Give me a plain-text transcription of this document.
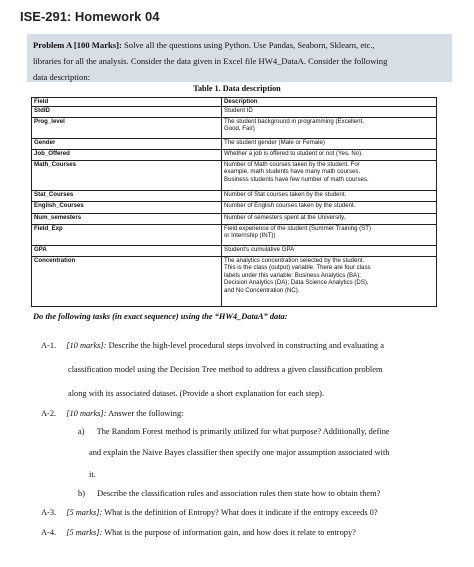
ISE-291: Homework 04
Problem A [100 Marks]: Solve all the questions using Python. Use Pandas, Seaborn, Sklearn, etc.,
libraries for all the analysis. Consider the data given in Excel file HW4_DataA. Consider the following
data description:
Table 1. Data description
Field	Description
StdID	Student ID

Prog_level	The student background in programming (Excellent,
Good, Fair)

Gender	The student gender (Male or Female)

Job_Offered	Whether a job is offered to student or not (Yes, No).

Math_Courses	Number of Math courses taken by the student. For
example, math students have many math courses.
Business students have few number of math courses.

Stat_Courses	Number of Stat courses taken by the student.

English_Courses	Number of English courses taken by the student.

Num_semesters	Number of semesters spent at the University.

Field_Exp	Field experience of the student (Summer Training (ST)
or Internship (INT))

GPA	Student's cumulative GPA

Concentration	The analytics concentration selected by the student.
This is the class (output) variable. There are four class
labels under this variable: Business Analytics (BA);
Decision Analytics (DA); Data Science Analytics (DS),
and No Concentration (NC).
Do the following tasks (in exact sequence) using the “HW4_DataA” data:
A-1. [10 marks]: Describe the high-level procedural steps involved in constructing and evaluating a
classification model using the Decision Tree method to address a given classification problem
along with its associated dataset. (Provide a short explanation for each step).
A-2. [10 marks]: Answer the following:
a) The Random Forest method is primarily utilized for what purpose? Additionally, define
and explain the Naive Bayes classifier then specify one major assumption associated with
it.
b) Describe the classification rules and association rules then state how to obtain them?
A-3. [5 marks]: What is the definition of Entropy? What does it indicate if the entropy exceeds 0?
A-4. [5 marks]: What is the purpose of information gain, and how does it relate to entropy?
